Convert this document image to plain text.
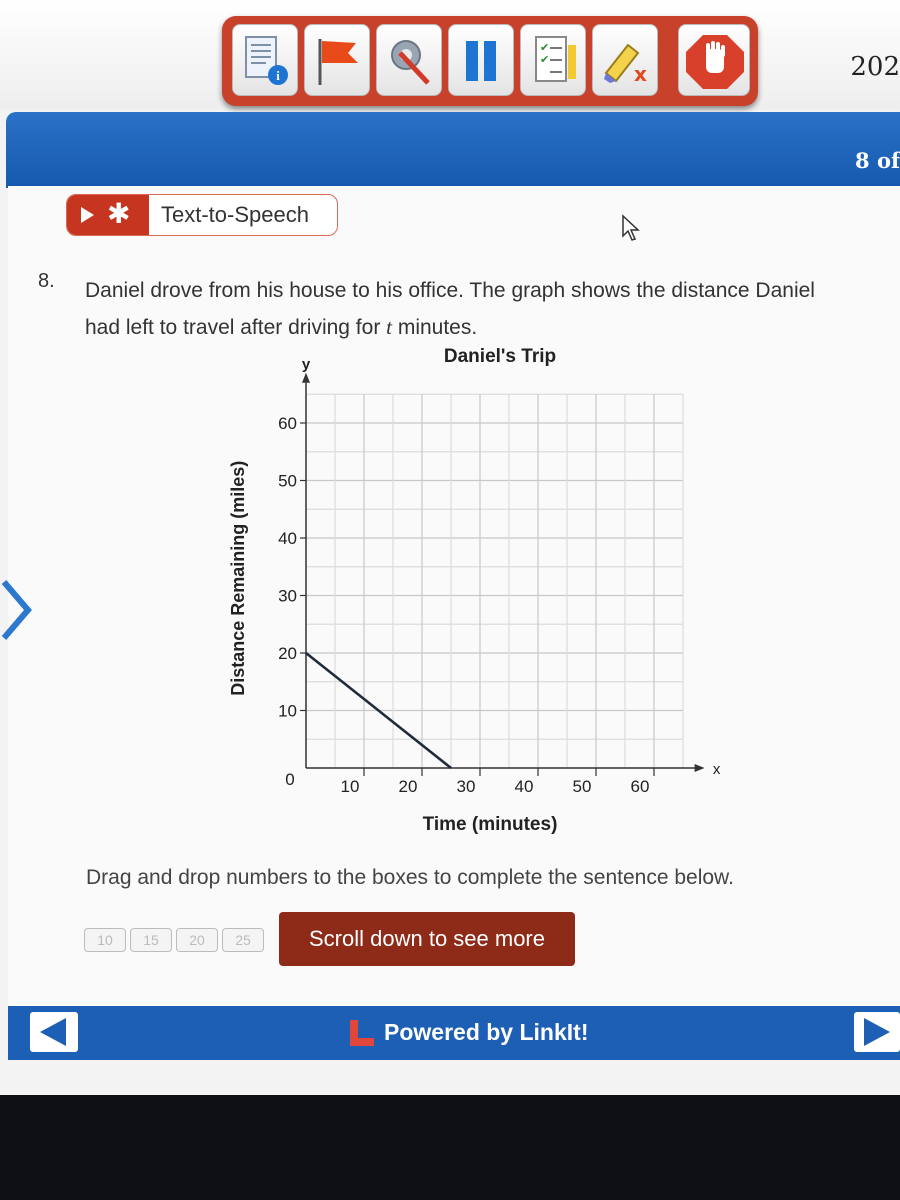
i
✔
✔
x	202
8 of
✱ Text-to-Speech
8. Daniel drove from his house to his office. The graph shows the distance Daniel had left to travel after driving for t minutes.
10 20 30 40 50 60
10
20
30
40
50
60
0
x
y	Daniel's Trip
Time (minutes)
Distance Remaining (miles)
Drag and drop numbers to the boxes to complete the sentence below.
10	15	20	25	Scroll down to see more
Powered by LinkIt!
